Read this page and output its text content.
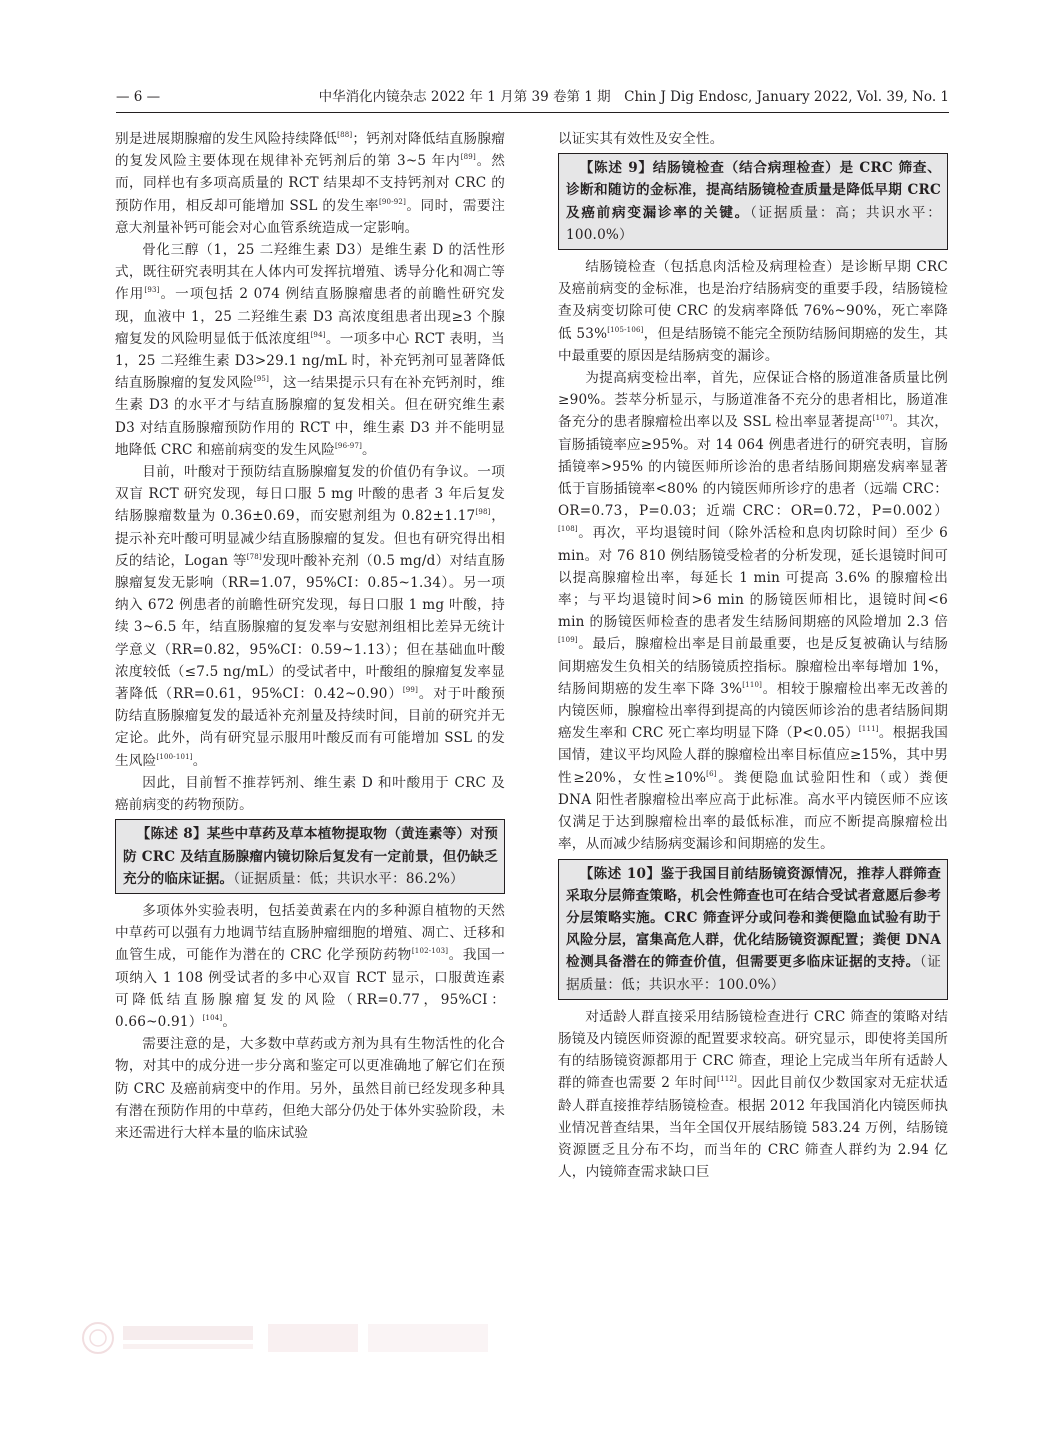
— 6 —	中华消化内镜杂志 2022 年 1 月第 39 卷第 1 期　Chin J Dig Endosc, January 2022, Vol. 39, No. 1

别是进展期腺瘤的发生风险持续降低[88]；钙剂对降低结直肠腺瘤的复发风险主要体现在规律补充钙剂后的第 3~5 年内[89]。然而，同样也有多项高质量的 RCT 结果却不支持钙剂对 CRC 的预防作用，相反却可能增加 SSL 的发生率[90-92]。同时，需要注意大剂量补钙可能会对心血管系统造成一定影响。

骨化三醇（1，25 二羟维生素 D3）是维生素 D 的活性形式，既往研究表明其在人体内可发挥抗增殖、诱导分化和凋亡等作用[93]。一项包括 2 074 例结直肠腺瘤患者的前瞻性研究发现，血液中 1，25 二羟维生素 D3 高浓度组患者出现≥3 个腺瘤复发的风险明显低于低浓度组[94]。一项多中心 RCT 表明，当 1，25 二羟维生素 D3>29.1 ng/mL 时，补充钙剂可显著降低结直肠腺瘤的复发风险[95]，这一结果提示只有在补充钙剂时，维生素 D3 的水平才与结直肠腺瘤的复发相关。但在研究维生素 D3 对结直肠腺瘤预防作用的 RCT 中，维生素 D3 并不能明显地降低 CRC 和癌前病变的发生风险[96-97]。

目前，叶酸对于预防结直肠腺瘤复发的价值仍有争议。一项双盲 RCT 研究发现，每日口服 5 mg 叶酸的患者 3 年后复发结肠腺瘤数量为 0.36±0.69，而安慰剂组为 0.82±1.17[98]，提示补充叶酸可明显减少结直肠腺瘤的复发。但也有研究得出相反的结论，Logan 等[78]发现叶酸补充剂（0.5 mg/d）对结直肠腺瘤复发无影响（RR=1.07，95%CI：0.85~1.34）。另一项纳入 672 例患者的前瞻性研究发现，每日口服 1 mg 叶酸，持续 3~6.5 年，结直肠腺瘤的复发率与安慰剂组相比差异无统计学意义（RR=0.82，95%CI：0.59~1.13）；但在基础血叶酸浓度较低（≤7.5 ng/mL）的受试者中，叶酸组的腺瘤复发率显著降低（RR=0.61，95%CI：0.42~0.90）[99]。对于叶酸预防结直肠腺瘤复发的最适补充剂量及持续时间，目前的研究并无定论。此外，尚有研究显示服用叶酸反而有可能增加 SSL 的发生风险[100-101]。

因此，目前暂不推荐钙剂、维生素 D 和叶酸用于 CRC 及癌前病变的药物预防。

【陈述 8】某些中草药及草本植物提取物（黄连素等）对预防 CRC 及结直肠腺瘤内镜切除后复发有一定前景，但仍缺乏充分的临床证据。（证据质量：低；共识水平：86.2%）

多项体外实验表明，包括姜黄素在内的多种源自植物的天然中草药可以强有力地调节结直肠肿瘤细胞的增殖、凋亡、迁移和血管生成，可能作为潜在的 CRC 化学预防药物[102-103]。我国一项纳入 1 108 例受试者的多中心双盲 RCT 显示，口服黄连素可降低结直肠腺瘤复发的风险（RR=0.77，95%CI：0.66~0.91）[104]。

需要注意的是，大多数中草药或方剂为具有生物活性的化合物，对其中的成分进一步分离和鉴定可以更准确地了解它们在预防 CRC 及癌前病变中的作用。另外，虽然目前已经发现多种具有潜在预防作用的中草药，但绝大部分仍处于体外实验阶段，未来还需进行大样本量的临床试验

以证实其有效性及安全性。

【陈述 9】结肠镜检查（结合病理检查）是 CRC 筛查、诊断和随访的金标准，提高结肠镜检查质量是降低早期 CRC 及癌前病变漏诊率的关键。（证据质量：高；共识水平：100.0%）

结肠镜检查（包括息肉活检及病理检查）是诊断早期 CRC 及癌前病变的金标准，也是治疗结肠病变的重要手段，结肠镜检查及病变切除可使 CRC 的发病率降低 76%~90%，死亡率降低 53%[105-106]，但是结肠镜不能完全预防结肠间期癌的发生，其中最重要的原因是结肠病变的漏诊。

为提高病变检出率，首先，应保证合格的肠道准备质量比例≥90%。荟萃分析显示，与肠道准备不充分的患者相比，肠道准备充分的患者腺瘤检出率以及 SSL 检出率显著提高[107]。其次，盲肠插镜率应≥95%。对 14 064 例患者进行的研究表明，盲肠插镜率>95% 的内镜医师所诊治的患者结肠间期癌发病率显著低于盲肠插镜率<80% 的内镜医师所诊疗的患者（远端 CRC：OR=0.73，P=0.03；近端 CRC：OR=0.72，P=0.002）[108]。再次，平均退镜时间（除外活检和息肉切除时间）至少 6 min。对 76 810 例结肠镜受检者的分析发现，延长退镜时间可以提高腺瘤检出率，每延长 1 min 可提高 3.6% 的腺瘤检出率；与平均退镜时间>6 min 的肠镜医师相比，退镜时间<6 min 的肠镜医师检查的患者发生结肠间期癌的风险增加 2.3 倍[109]。最后，腺瘤检出率是目前最重要，也是反复被确认与结肠间期癌发生负相关的结肠镜质控指标。腺瘤检出率每增加 1%，结肠间期癌的发生率下降 3%[110]。相较于腺瘤检出率无改善的内镜医师，腺瘤检出率得到提高的内镜医师诊治的患者结肠间期癌发生率和 CRC 死亡率均明显下降（P<0.05）[111]。根据我国国情，建议平均风险人群的腺瘤检出率目标值应≥15%，其中男性≥20%，女性≥10%[6]。粪便隐血试验阳性和（或）粪便 DNA 阳性者腺瘤检出率应高于此标准。高水平内镜医师不应该仅满足于达到腺瘤检出率的最低标准，而应不断提高腺瘤检出率，从而减少结肠病变漏诊和间期癌的发生。

【陈述 10】鉴于我国目前结肠镜资源情况，推荐人群筛查采取分层筛查策略，机会性筛查也可在结合受试者意愿后参考分层策略实施。CRC 筛查评分或问卷和粪便隐血试验有助于风险分层，富集高危人群，优化结肠镜资源配置；粪便 DNA 检测具备潜在的筛查价值，但需要更多临床证据的支持。（证据质量：低；共识水平：100.0%）

对适龄人群直接采用结肠镜检查进行 CRC 筛查的策略对结肠镜及内镜医师资源的配置要求较高。研究显示，即使将美国所有的结肠镜资源都用于 CRC 筛查，理论上完成当年所有适龄人群的筛查也需要 2 年时间[112]。因此目前仅少数国家对无症状适龄人群直接推荐结肠镜检查。根据 2012 年我国消化内镜医师执业情况普查结果，当年全国仅开展结肠镜 583.24 万例，结肠镜资源匮乏且分布不均，而当年的 CRC 筛查人群约为 2.94 亿人，内镜筛查需求缺口巨
